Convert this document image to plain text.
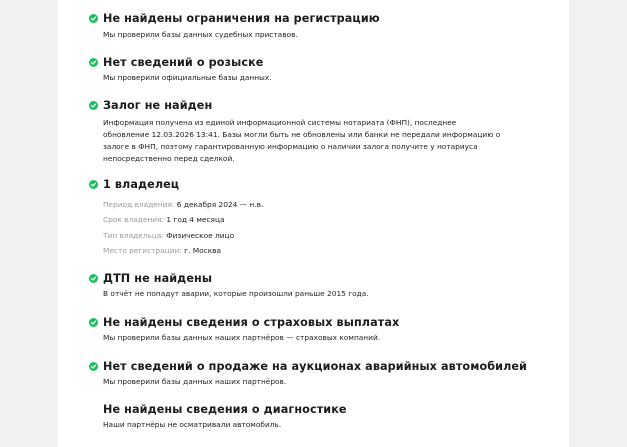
Не найдены ограничения на регистрацию
Мы проверили базы данных судебных приставов.
Нет сведений о розыске
Мы проверили официальные базы данных.
Залог не найден
Информация получена из единой информационной системы нотариата (ФНП), последнее
обновление 12.03.2026 13:41. Базы могли быть не обновлены или банки не передали информацию о
залоге в ФНП, поэтому гарантированную информацию о наличии залога получите у нотариуса
непосредственно перед сделкой.
1 владелец
Период владения: 6 декабря 2024 — н.в.
Срок владения: 1 год 4 месяца
Тип владельца: Физическое лицо
Место регистрации: г. Москва
ДТП не найдены
В отчёт не попадут аварии, которые произошли раньше 2015 года.
Не найдены сведения о страховых выплатах
Мы проверили базы данных наших партнёров — страховых компаний.
Нет сведений о продаже на аукционах аварийных автомобилей
Мы проверили базы данных наших партнёров.
Не найдены сведения о диагностике
Наши партнёры не осматривали автомобиль.
